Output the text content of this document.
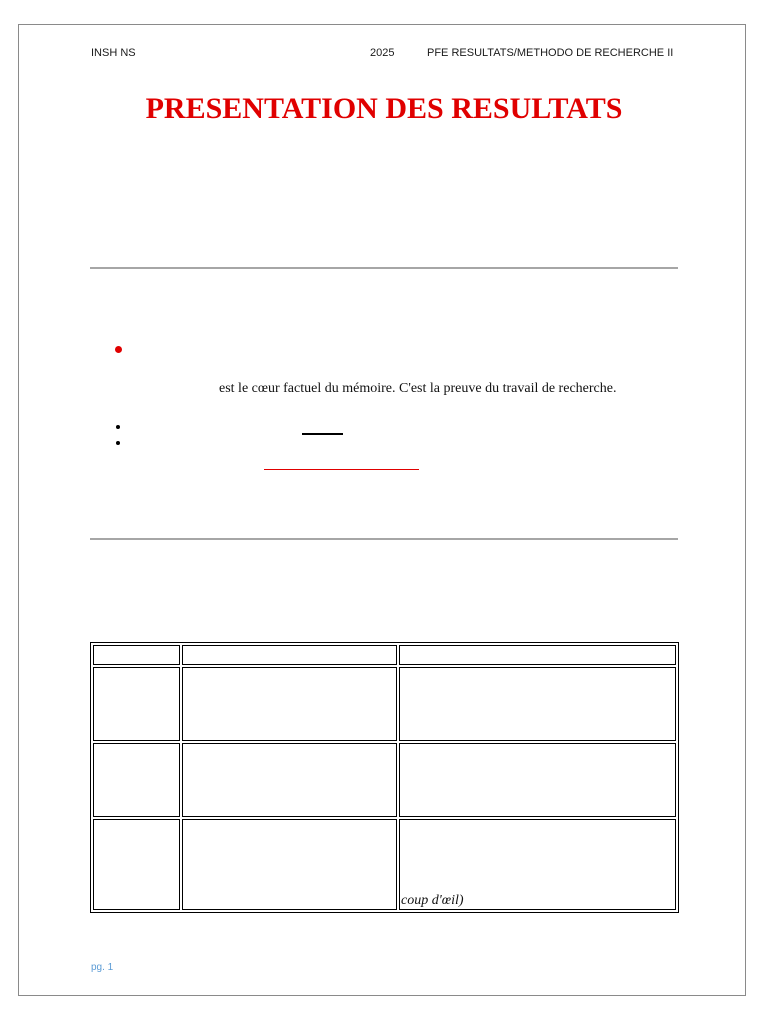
INSH NS	2025	PFE RESULTATS/METHODO DE RECHERCHE II
PRESENTATION DES RESULTATS
est le cœur factuel du mémoire. C'est la preuve du travail de recherche.

		coup d'œil)
pg. 1
